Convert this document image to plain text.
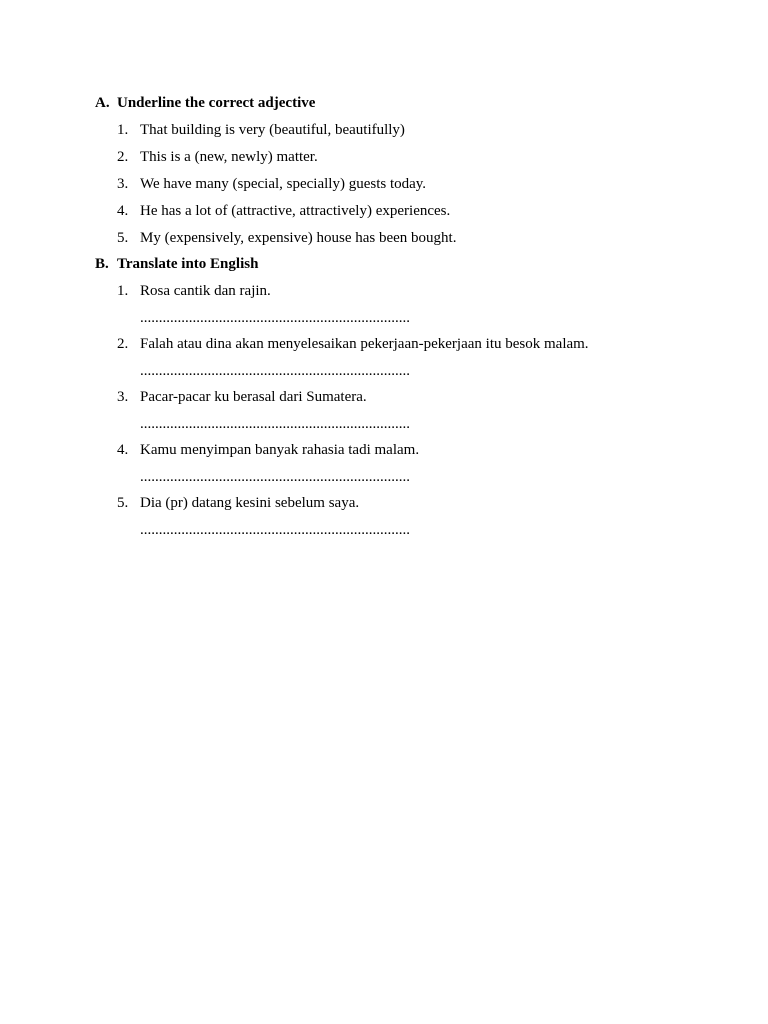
A. Underline the correct adjective
1. That building is very (beautiful, beautifully)
2. This is a (new, newly) matter.
3. We have many (special, specially) guests today.
4. He has a lot of (attractive, attractively) experiences.
5. My (expensively, expensive) house has been bought.
B. Translate into English
1. Rosa cantik dan rajin.
........................................................................
2. Falah atau dina akan menyelesaikan pekerjaan-pekerjaan itu besok malam.
........................................................................
3. Pacar-pacar ku berasal dari Sumatera.
........................................................................
4. Kamu menyimpan banyak rahasia tadi malam.
........................................................................
5. Dia (pr) datang kesini sebelum saya.
........................................................................
